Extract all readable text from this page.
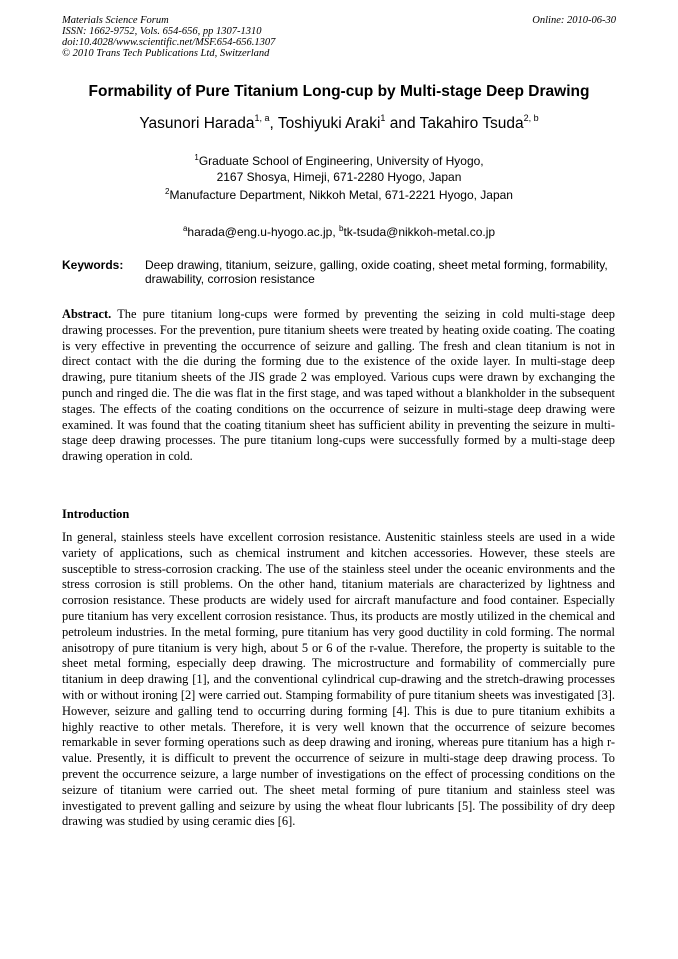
Materials Science Forum
ISSN: 1662-9752, Vols. 654-656, pp 1307-1310
doi:10.4028/www.scientific.net/MSF.654-656.1307
© 2010 Trans Tech Publications Ltd, Switzerland
Online: 2010-06-30
Formability of Pure Titanium Long-cup by Multi-stage Deep Drawing
Yasunori Harada$^{1, a}$, Toshiyuki Araki$^1$ and Takahiro Tsuda$^{2, b}$
$^1$Graduate School of Engineering, University of Hyogo,
2167 Shosya, Himeji, 671-2280 Hyogo, Japan
$^2$Manufacture Department, Nikkoh Metal, 671-2221 Hyogo, Japan
$^a$harada@eng.u-hyogo.ac.jp, $^b$tk-tsuda@nikkoh-metal.co.jp
Keywords: Deep drawing, titanium, seizure, galling, oxide coating, sheet metal forming, formability, drawability, corrosion resistance
Abstract. The pure titanium long-cups were formed by preventing the seizing in cold multi-stage deep drawing processes. For the prevention, pure titanium sheets were treated by heating oxide coating. The coating is very effective in preventing the occurrence of seizure and galling. The fresh and clean titanium is not in direct contact with the die during the forming due to the existence of the oxide layer. In multi-stage deep drawing, pure titanium sheets of the JIS grade 2 was employed. Various cups were drawn by exchanging the punch and ringed die. The die was flat in the first stage, and was taped without a blankholder in the subsequent stages. The effects of the coating conditions on the occurrence of seizure in multi-stage deep drawing were examined. It was found that the coating titanium sheet has sufficient ability in preventing the seizure in multi-stage deep drawing processes. The pure titanium long-cups were successfully formed by a multi-stage deep drawing operation in cold.
Introduction
In general, stainless steels have excellent corrosion resistance. Austenitic stainless steels are used in a wide variety of applications, such as chemical instrument and kitchen accessories. However, these steels are susceptible to stress-corrosion cracking. The use of the stainless steel under the oceanic environments and the stress corrosion is still problems. On the other hand, titanium materials are characterized by lightness and corrosion resistance. These products are widely used for aircraft manufacture and food container. Especially pure titanium has very excellent corrosion resistance. Thus, its products are mostly utilized in the chemical and petroleum industries. In the metal forming, pure titanium has very good ductility in cold forming. The normal anisotropy of pure titanium is very high, about 5 or 6 of the r-value. Therefore, the property is suitable to the sheet metal forming, especially deep drawing. The microstructure and formability of commercially pure titanium in deep drawing [1], and the conventional cylindrical cup-drawing and the stretch-drawing processes with or without ironing [2] were carried out. Stamping formability of pure titanium sheets was investigated [3]. However, seizure and galling tend to occurring during forming [4]. This is due to pure titanium exhibits a highly reactive to other metals. Therefore, it is very well known that the occurrence of seizure becomes remarkable in sever forming operations such as deep drawing and ironing, whereas pure titanium has a high r-value. Presently, it is difficult to prevent the occurrence of seizure in multi-stage deep drawing process. To prevent the occurrence seizure, a large number of investigations on the effect of processing conditions on the seizure of titanium were carried out. The sheet metal forming of pure titanium and stainless steel was investigated to prevent galling and seizure by using the wheat flour lubricants [5]. The possibility of dry deep drawing was studied by using ceramic dies [6].
